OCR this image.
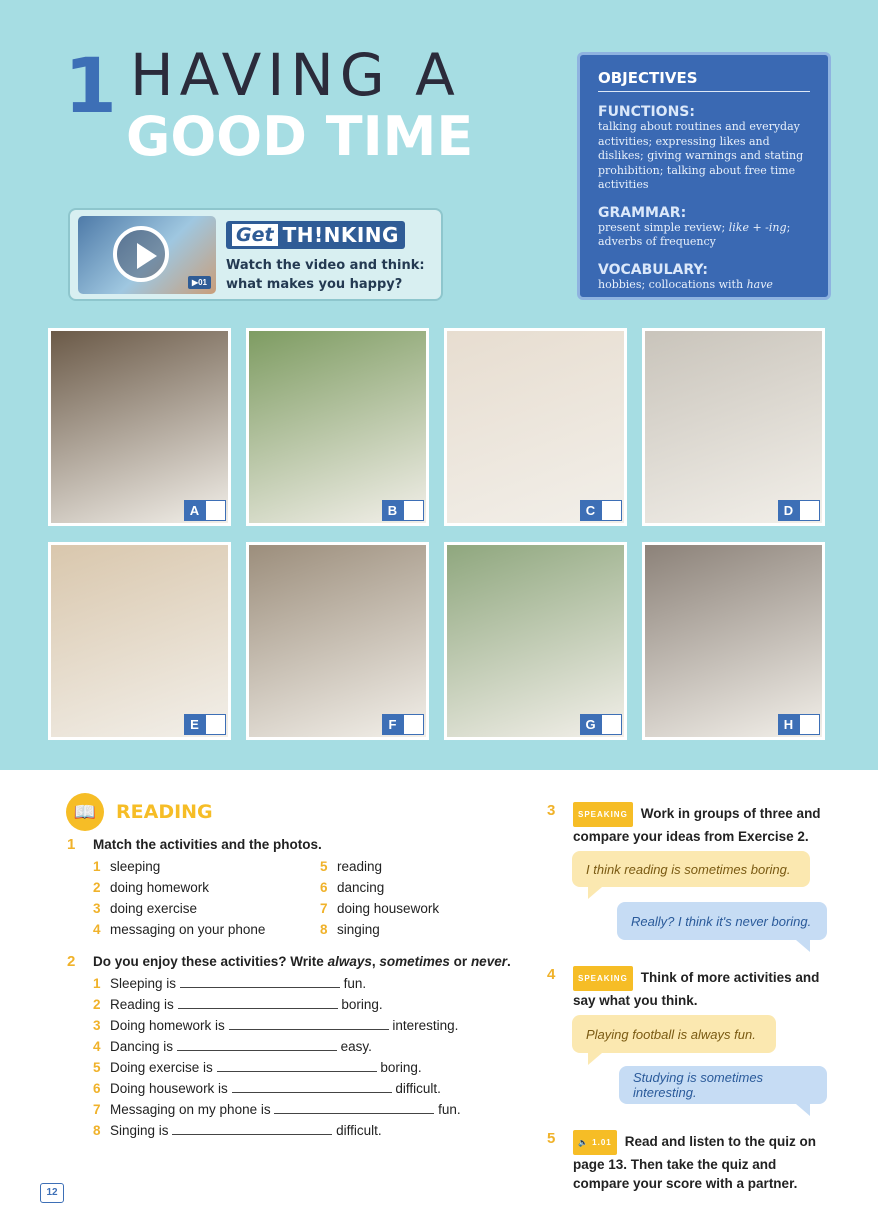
1 HAVING A
GOOD TIME
OBJECTIVES
FUNCTIONS:
talking about routines and everyday activities; expressing likes and dislikes; giving warnings and stating prohibition; talking about free time activities
GRAMMAR:
present simple review; like + -ing; adverbs of frequency
VOCABULARY:
hobbies; collocations with have
▶01
Get TH!NKING
Watch the video and think: what makes you happy?
A	B	C	D
E	F	G	H
📖	READING
1 Match the activities and the photos.
1 sleeping
2 doing homework
3 doing exercise
4 messaging on your phone
5 reading
6 dancing
7 doing housework
8 singing
2 Do you enjoy these activities? Write always, sometimes or never.
1 Sleeping is	fun.
2 Reading is	boring.
3 Doing homework is	interesting.
4 Dancing is	easy.
5 Doing exercise is	boring.
6 Doing housework is	difficult.
7 Messaging on my phone is	fun.
8 Singing is	difficult.
3	SPEAKING Work in groups of three and compare your ideas from Exercise 2.
I think reading is sometimes boring.
Really? I think it's never boring.
4	SPEAKING Think of more activities and say what you think.
Playing football is always fun.
Studying is sometimes interesting.
5	🔈 1.01 Read and listen to the quiz on page 13. Then take the quiz and compare your score with a partner.
12
